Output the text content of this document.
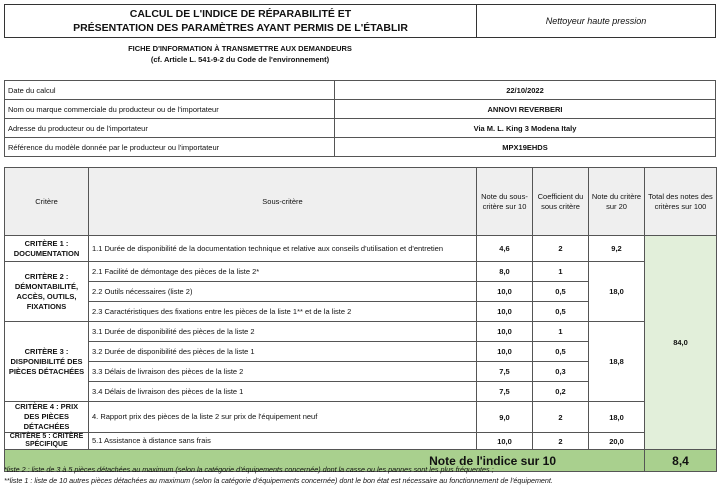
CALCUL DE L'INDICE DE RÉPARABILITÉ ET
PRÉSENTATION DES PARAMÈTRES AYANT PERMIS DE L'ÉTABLIR
Nettoyeur haute pression
FICHE D'INFORMATION À TRANSMETTRE AUX DEMANDEURS
(cf. Article L. 541-9-2 du Code de l'environnement)
Date du calcul	22/10/2022
Nom ou marque commerciale du producteur ou de l'importateur	ANNOVI REVERBERI
Adresse du producteur ou de l'importateur	Via M. L. King 3 Modena Italy
Référence du modèle donnée par le producteur ou l'importateur	MPX19EHDS
Critère	Sous-critère	Note du sous-critère sur 10	Coefficient du sous critère	Note du critère sur 20	Total des notes des critères sur 100
CRITÈRE 1 : DOCUMENTATION	1.1 Durée de disponibilité de la documentation technique et relative aux conseils d'utilisation et d'entretien	4,6	2	9,2	84,0
CRITÈRE 2 : DÉMONTABILITÉ, ACCÈS, OUTILS, FIXATIONS	2.1 Facilité de démontage des pièces de la liste 2*	8,0	1	18,0	
	2.2 Outils nécessaires (liste 2)	10,0	0,5		
	2.3 Caractéristiques des fixations entre les pièces de la liste 1** et de la liste 2	10,0	0,5		
CRITÈRE 3 : DISPONIBILITÉ DES PIÈCES DÉTACHÉES	3.1 Durée de disponibilité des pièces de la liste 2	10,0	1	18,8	
	3.2 Durée de disponibilité des pièces de la liste 1	10,0	0,5		
	3.3 Délais de livraison des pièces de la liste 2	7,5	0,3		
	3.4 Délais de livraison des pièces de la liste 1	7,5	0,2		
CRITÈRE 4 : PRIX DES PIÈCES DÉTACHÉES	4. Rapport prix des pièces de la liste 2 sur prix de l'équipement neuf	9,0	2	18,0	
CRITÈRE 5 : CRITÈRE SPÉCIFIQUE	5.1 Assistance à distance sans frais	10,0	2	20,0	
Note de l'indice sur 10					8,4
*liste 2 : liste de 3 à 5 pièces détachées au maximum (selon la catégorie d'équipements concernée) dont la casse ou les pannes sont les plus fréquentes ;
**liste 1 : liste de 10 autres pièces détachées au maximum (selon la catégorie d'équipements concernée) dont le bon état est nécessaire au fonctionnement de l'équipement.
